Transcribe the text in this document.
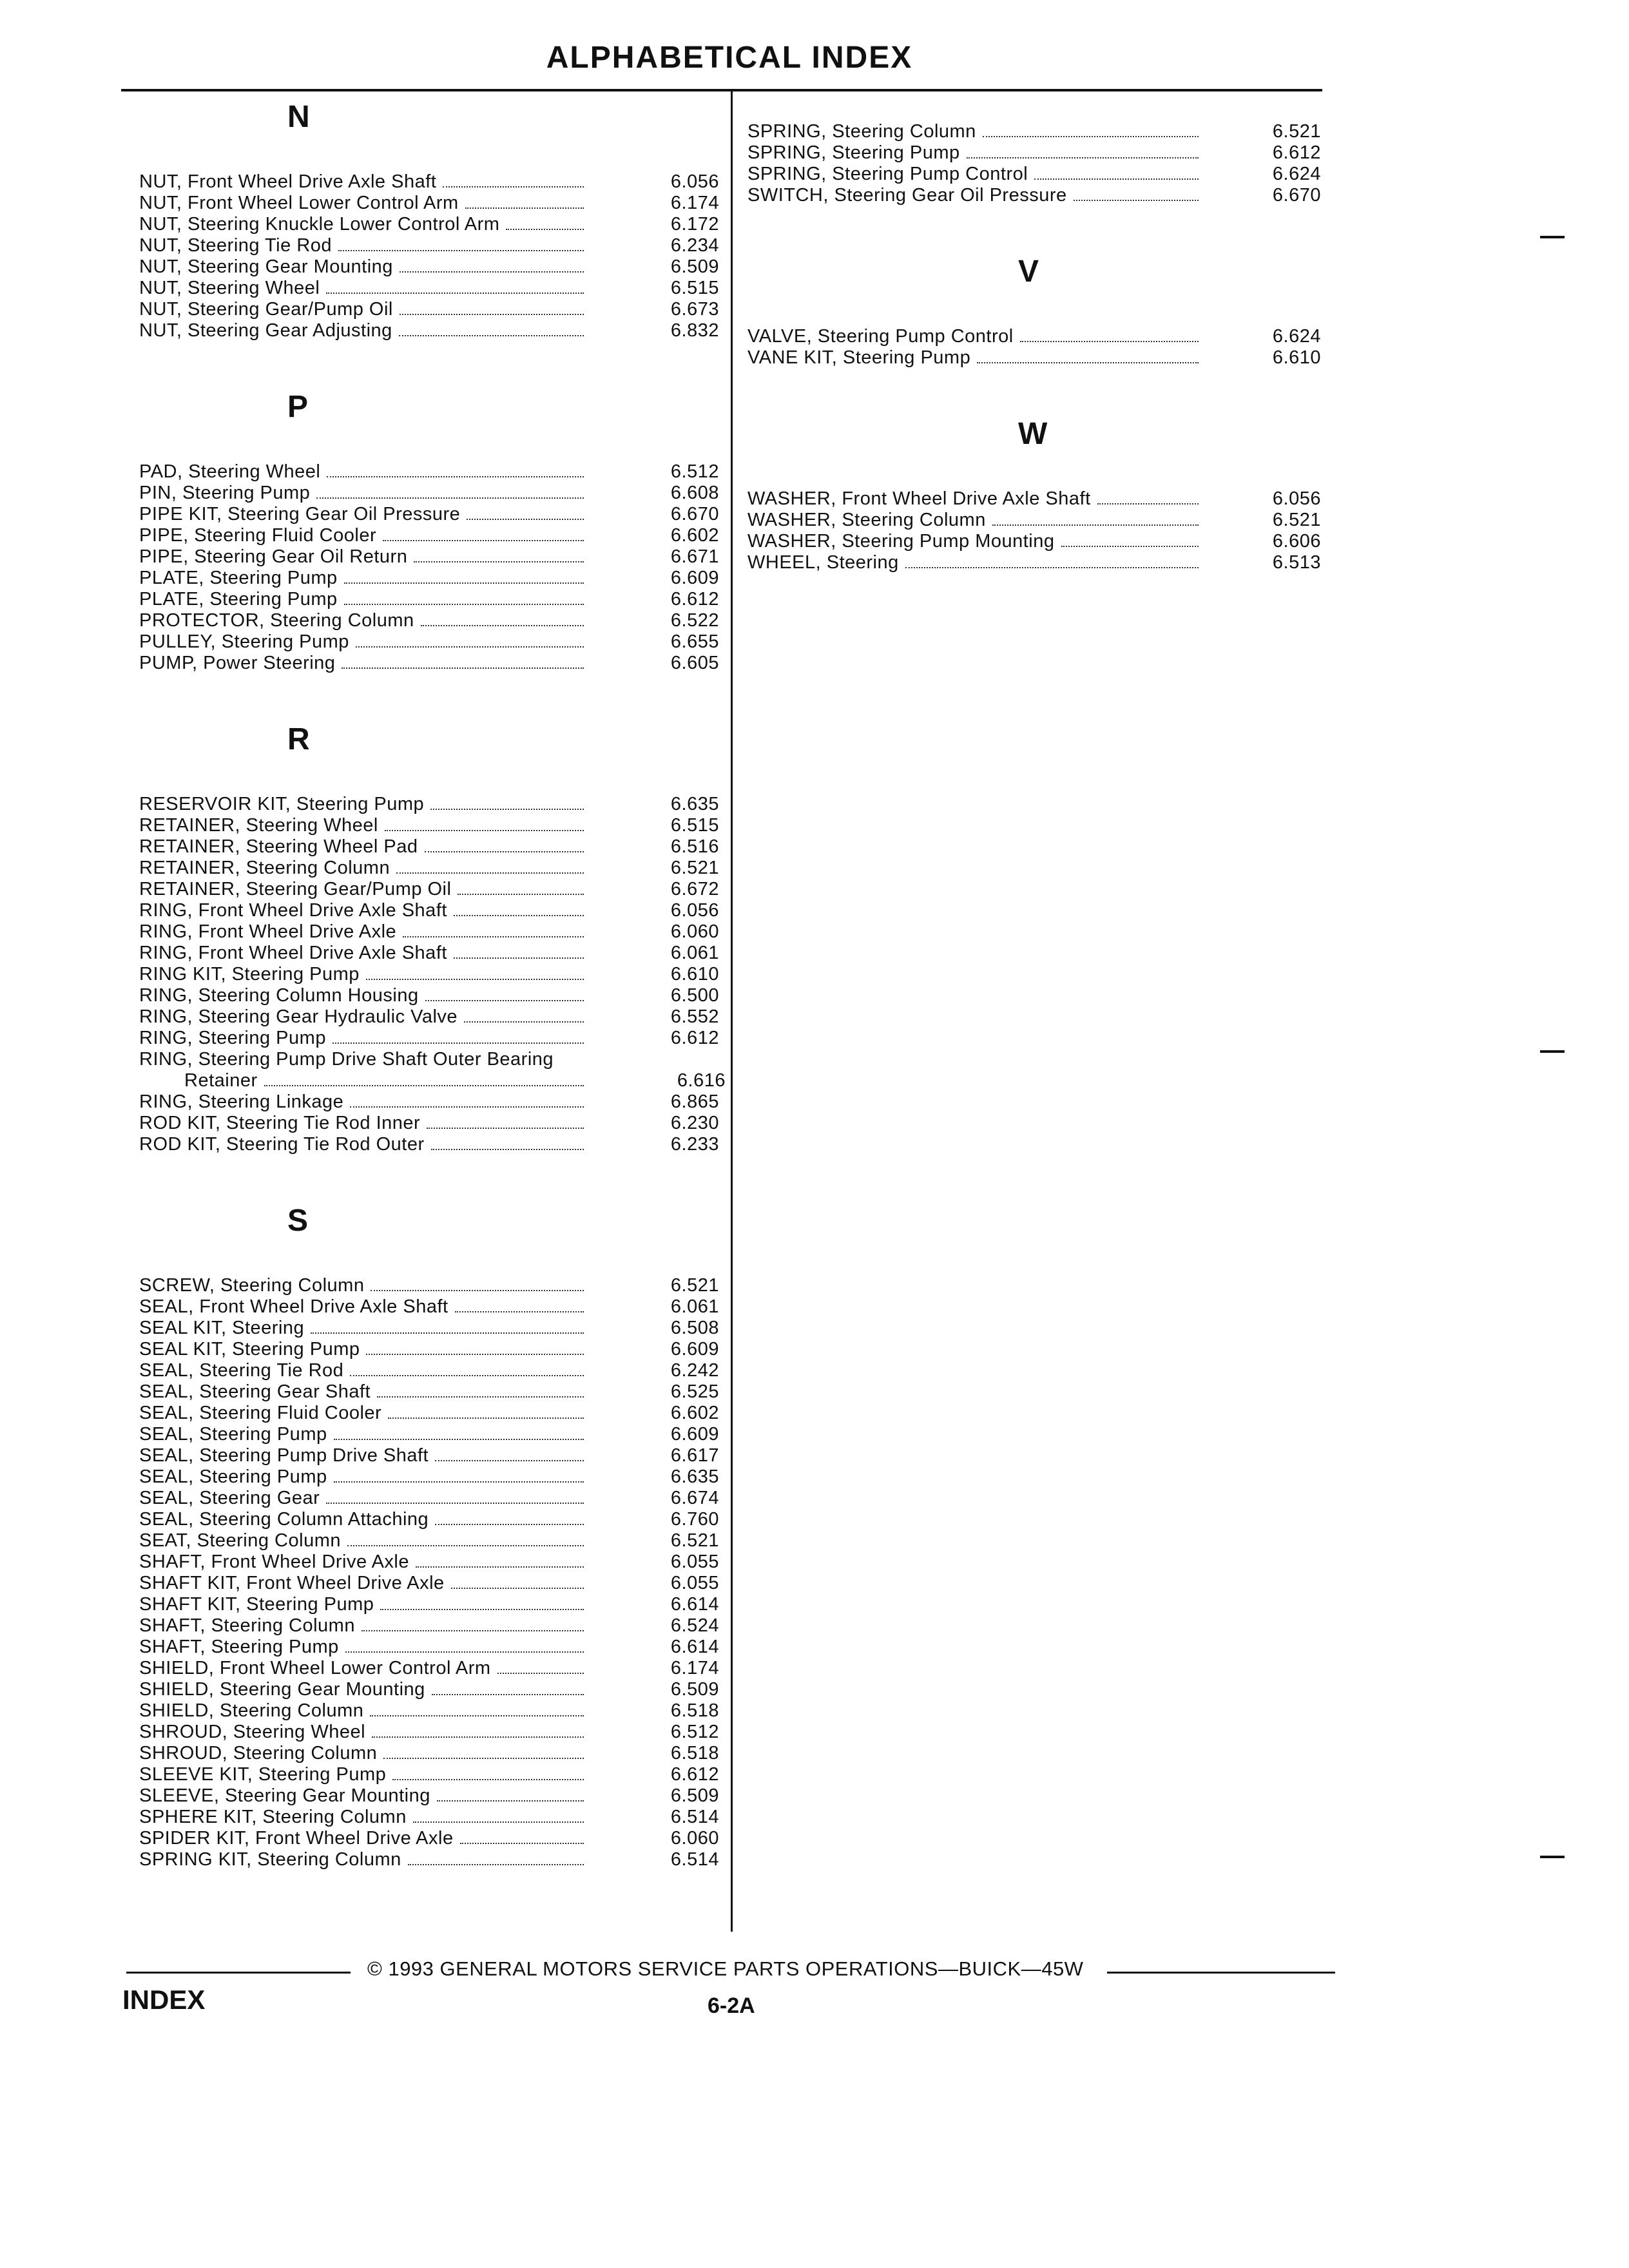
ALPHABETICAL INDEX
N
NUT, Front Wheel Drive Axle Shaft	6.056
NUT, Front Wheel Lower Control Arm	6.174
NUT, Steering Knuckle Lower Control Arm	6.172
NUT, Steering Tie Rod	6.234
NUT, Steering Gear Mounting	6.509
NUT, Steering Wheel	6.515
NUT, Steering Gear/Pump Oil	6.673
NUT, Steering Gear Adjusting	6.832
P
PAD, Steering Wheel	6.512
PIN, Steering Pump	6.608
PIPE KIT, Steering Gear Oil Pressure	6.670
PIPE, Steering Fluid Cooler	6.602
PIPE, Steering Gear Oil Return	6.671
PLATE, Steering Pump	6.609
PLATE, Steering Pump	6.612
PROTECTOR, Steering Column	6.522
PULLEY, Steering Pump	6.655
PUMP, Power Steering	6.605
R
RESERVOIR KIT, Steering Pump	6.635
RETAINER, Steering Wheel	6.515
RETAINER, Steering Wheel Pad	6.516
RETAINER, Steering Column	6.521
RETAINER, Steering Gear/Pump Oil	6.672
RING, Front Wheel Drive Axle Shaft	6.056
RING, Front Wheel Drive Axle	6.060
RING, Front Wheel Drive Axle Shaft	6.061
RING KIT, Steering Pump	6.610
RING, Steering Column Housing	6.500
RING, Steering Gear Hydraulic Valve	6.552
RING, Steering Pump	6.612
RING, Steering Pump Drive Shaft Outer Bearing
Retainer	6.616
RING, Steering Linkage	6.865
ROD KIT, Steering Tie Rod Inner	6.230
ROD KIT, Steering Tie Rod Outer	6.233
S
SCREW, Steering Column	6.521
SEAL, Front Wheel Drive Axle Shaft	6.061
SEAL KIT, Steering	6.508
SEAL KIT, Steering Pump	6.609
SEAL, Steering Tie Rod	6.242
SEAL, Steering Gear Shaft	6.525
SEAL, Steering Fluid Cooler	6.602
SEAL, Steering Pump	6.609
SEAL, Steering Pump Drive Shaft	6.617
SEAL, Steering Pump	6.635
SEAL, Steering Gear	6.674
SEAL, Steering Column Attaching	6.760
SEAT, Steering Column	6.521
SHAFT, Front Wheel Drive Axle	6.055
SHAFT KIT, Front Wheel Drive Axle	6.055
SHAFT KIT, Steering Pump	6.614
SHAFT, Steering Column	6.524
SHAFT, Steering Pump	6.614
SHIELD, Front Wheel Lower Control Arm	6.174
SHIELD, Steering Gear Mounting	6.509
SHIELD, Steering Column	6.518
SHROUD, Steering Wheel	6.512
SHROUD, Steering Column	6.518
SLEEVE KIT, Steering Pump	6.612
SLEEVE, Steering Gear Mounting	6.509
SPHERE KIT, Steering Column	6.514
SPIDER KIT, Front Wheel Drive Axle	6.060
SPRING KIT, Steering Column	6.514
SPRING, Steering Column	6.521
SPRING, Steering Pump	6.612
SPRING, Steering Pump Control	6.624
SWITCH, Steering Gear Oil Pressure	6.670
V
VALVE, Steering Pump Control	6.624
VANE KIT, Steering Pump	6.610
W
WASHER, Front Wheel Drive Axle Shaft	6.056
WASHER, Steering Column	6.521
WASHER, Steering Pump Mounting	6.606
WHEEL, Steering	6.513
© 1993 GENERAL MOTORS SERVICE PARTS OPERATIONS—BUICK—45W
INDEX	6-2A
